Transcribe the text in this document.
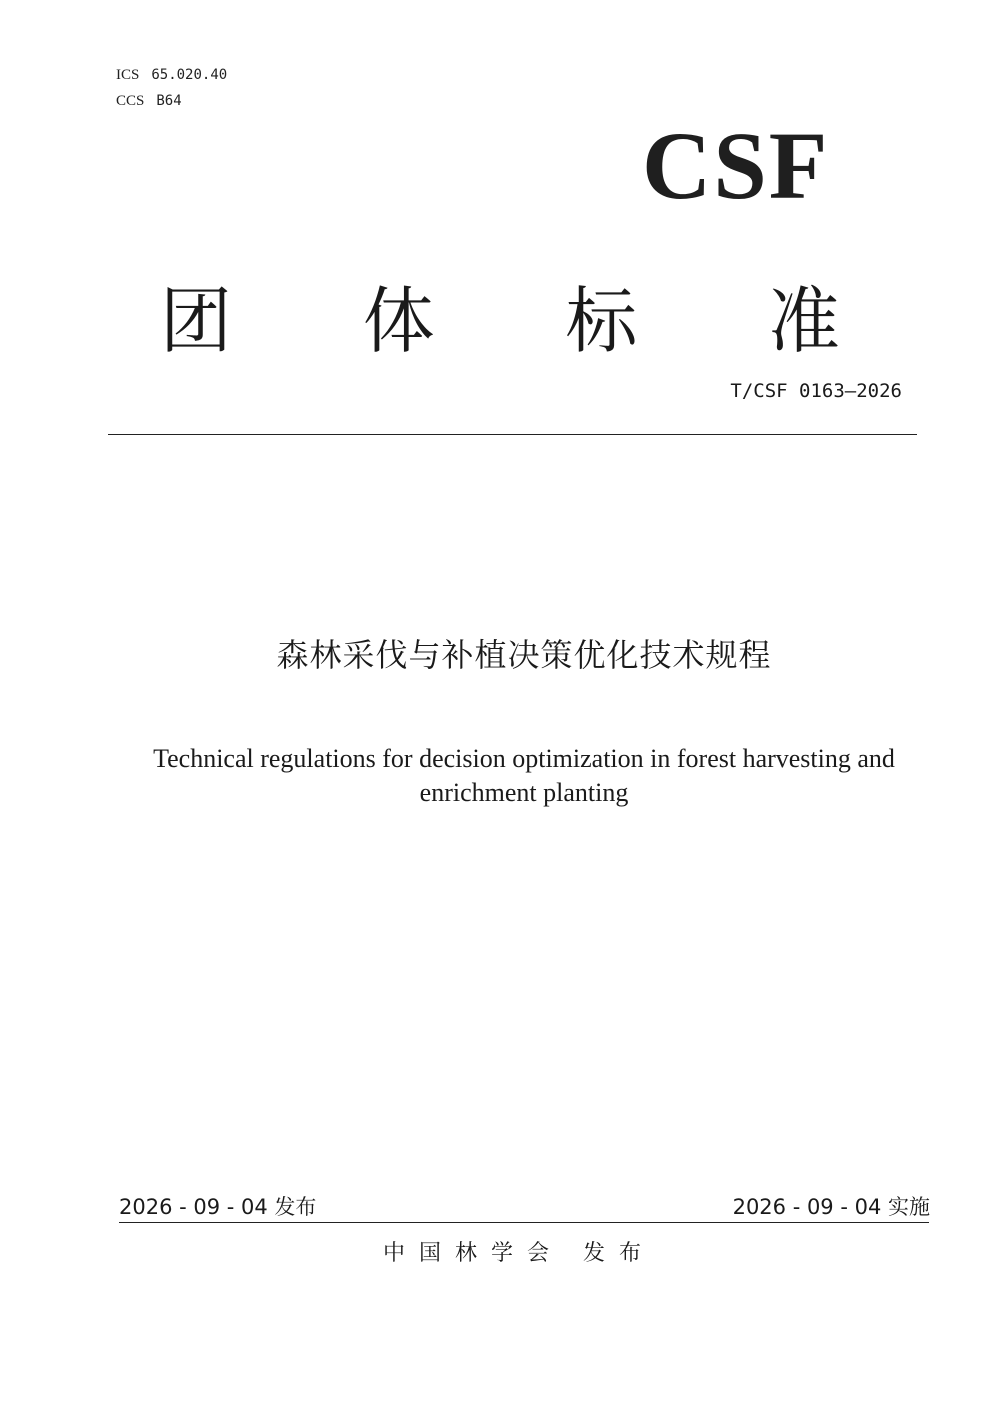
ICS 65.020.40
CCS B64
CSF
团 体 标 准
T/CSF 0163—2026
森林采伐与补植决策优化技术规程
Technical regulations for decision optimization in forest harvesting and enrichment planting
2026 - 09 - 04 发布	2026 - 09 - 04 实施
中国林学会 发布
